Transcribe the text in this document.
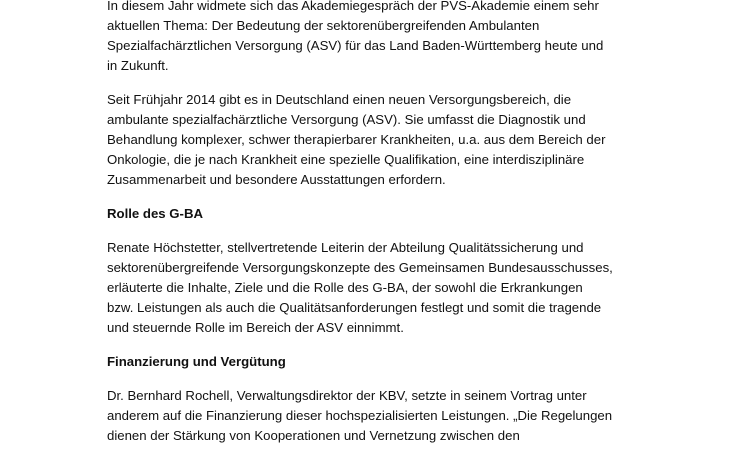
In diesem Jahr widmete sich das Akademiegespräch der PVS-Akademie einem sehr
aktuellen Thema: Der Bedeutung der sektorenübergreifenden Ambulanten
Spezialfachärztlichen Versorgung (ASV) für das Land Baden-Württemberg heute und
in Zukunft.

Seit Frühjahr 2014 gibt es in Deutschland einen neuen Versorgungsbereich, die
ambulante spezialfachärztliche Versorgung (ASV). Sie umfasst die Diagnostik und
Behandlung komplexer, schwer therapierbarer Krankheiten, u.a. aus dem Bereich der
Onkologie, die je nach Krankheit eine spezielle Qualifikation, eine interdisziplinäre
Zusammenarbeit und besondere Ausstattungen erfordern.

Rolle des G-BA

Renate Höchstetter, stellvertretende Leiterin der Abteilung Qualitätssicherung und
sektorenübergreifende Versorgungskonzepte des Gemeinsamen Bundesausschusses,
erläuterte die Inhalte, Ziele und die Rolle des G-BA, der sowohl die Erkrankungen
bzw. Leistungen als auch die Qualitätsanforderungen festlegt und somit die tragende
und steuernde Rolle im Bereich der ASV einnimmt.

Finanzierung und Vergütung

Dr. Bernhard Rochell, Verwaltungsdirektor der KBV, setzte in seinem Vortrag unter
anderem auf die Finanzierung dieser hochspezialisierten Leistungen. „Die Regelungen
dienen der Stärkung von Kooperationen und Vernetzung zwischen den
